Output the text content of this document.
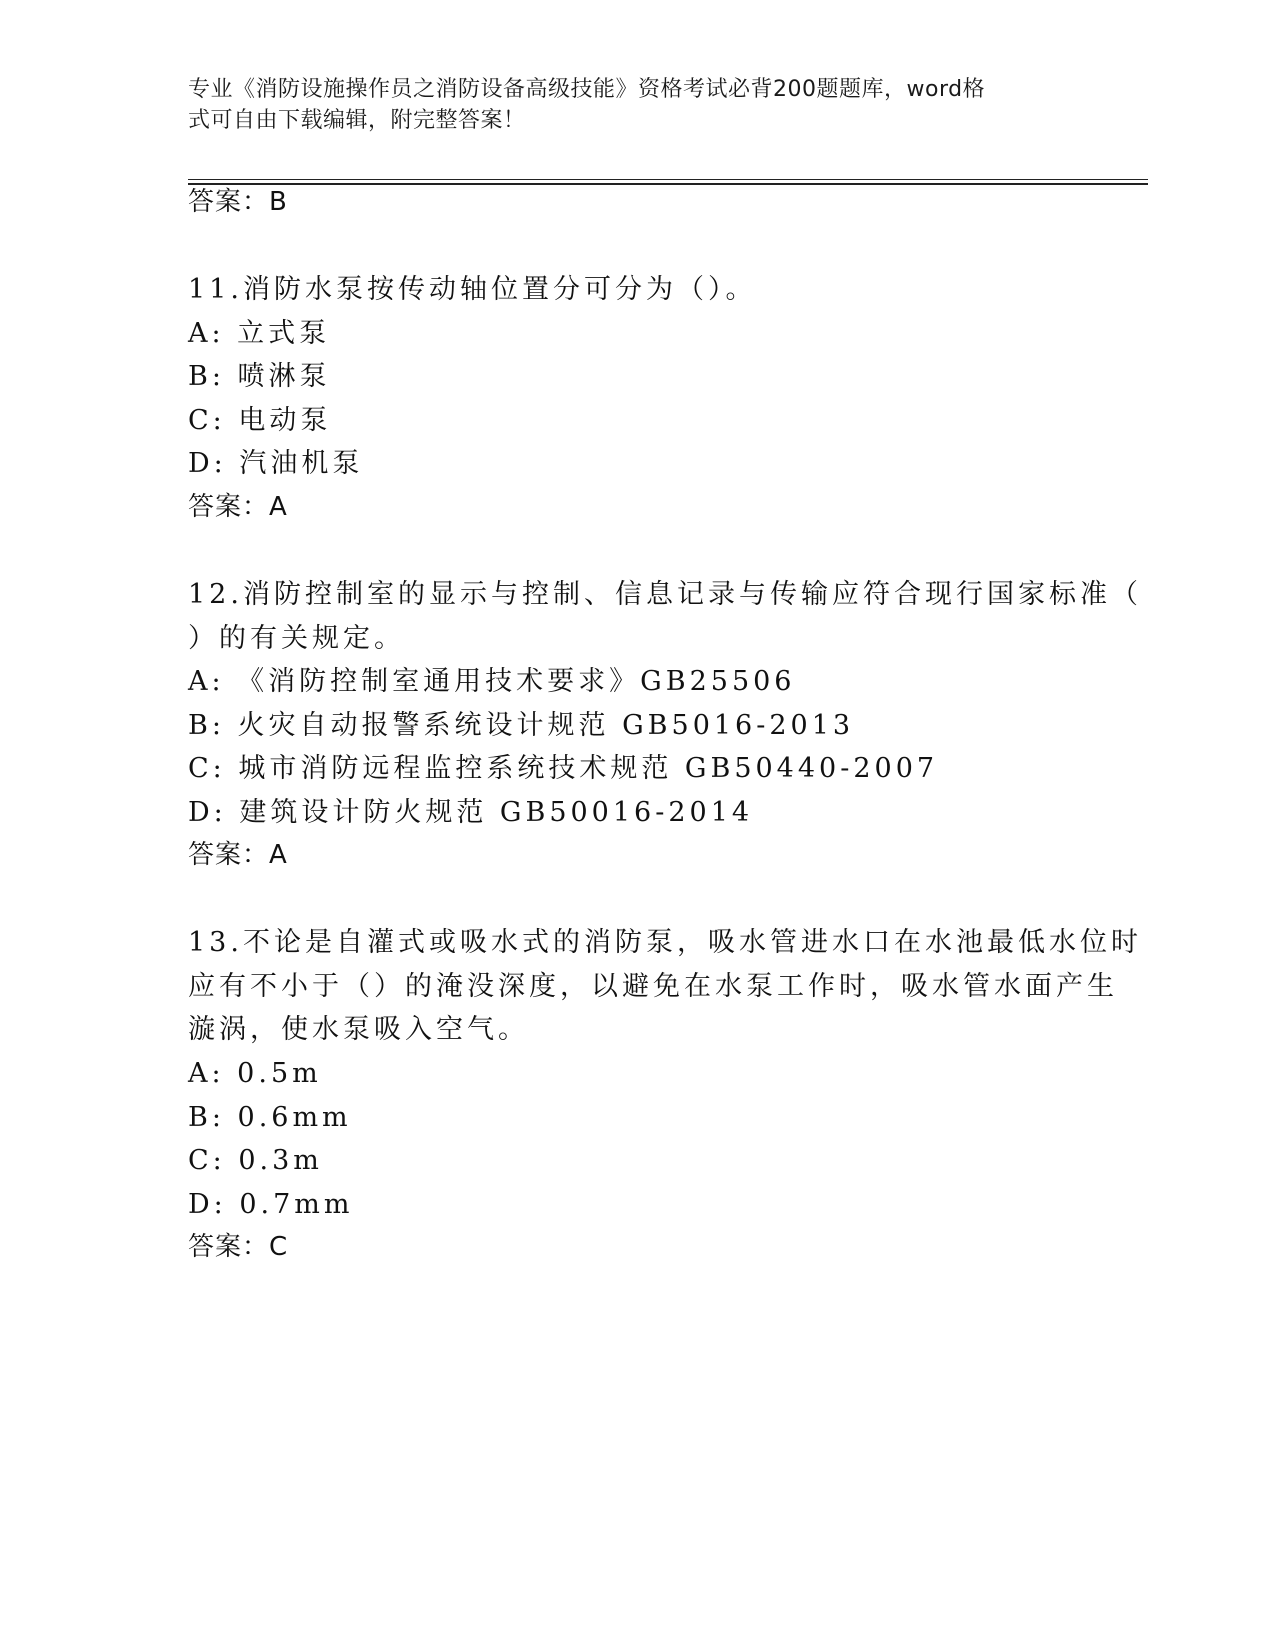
专业《消防设施操作员之消防设备高级技能》资格考试必背200题题库，word格
式可自由下载编辑，附完整答案！
答案：B
11.消防水泵按传动轴位置分可分为（）。
A: 立式泵
B: 喷淋泵
C: 电动泵
D: 汽油机泵
答案：A
12.消防控制室的显示与控制、信息记录与传输应符合现行国家标准（
）的有关规定。
A: 《消防控制室通用技术要求》GB25506
B: 火灾自动报警系统设计规范 GB5016-2013
C: 城市消防远程监控系统技术规范 GB50440-2007
D: 建筑设计防火规范 GB50016-2014
答案：A
13.不论是自灌式或吸水式的消防泵，吸水管进水口在水池最低水位时
应有不小于（）的淹没深度，以避免在水泵工作时，吸水管水面产生
漩涡，使水泵吸入空气。
A: 0.5m
B: 0.6mm
C: 0.3m
D: 0.7mm
答案：C
